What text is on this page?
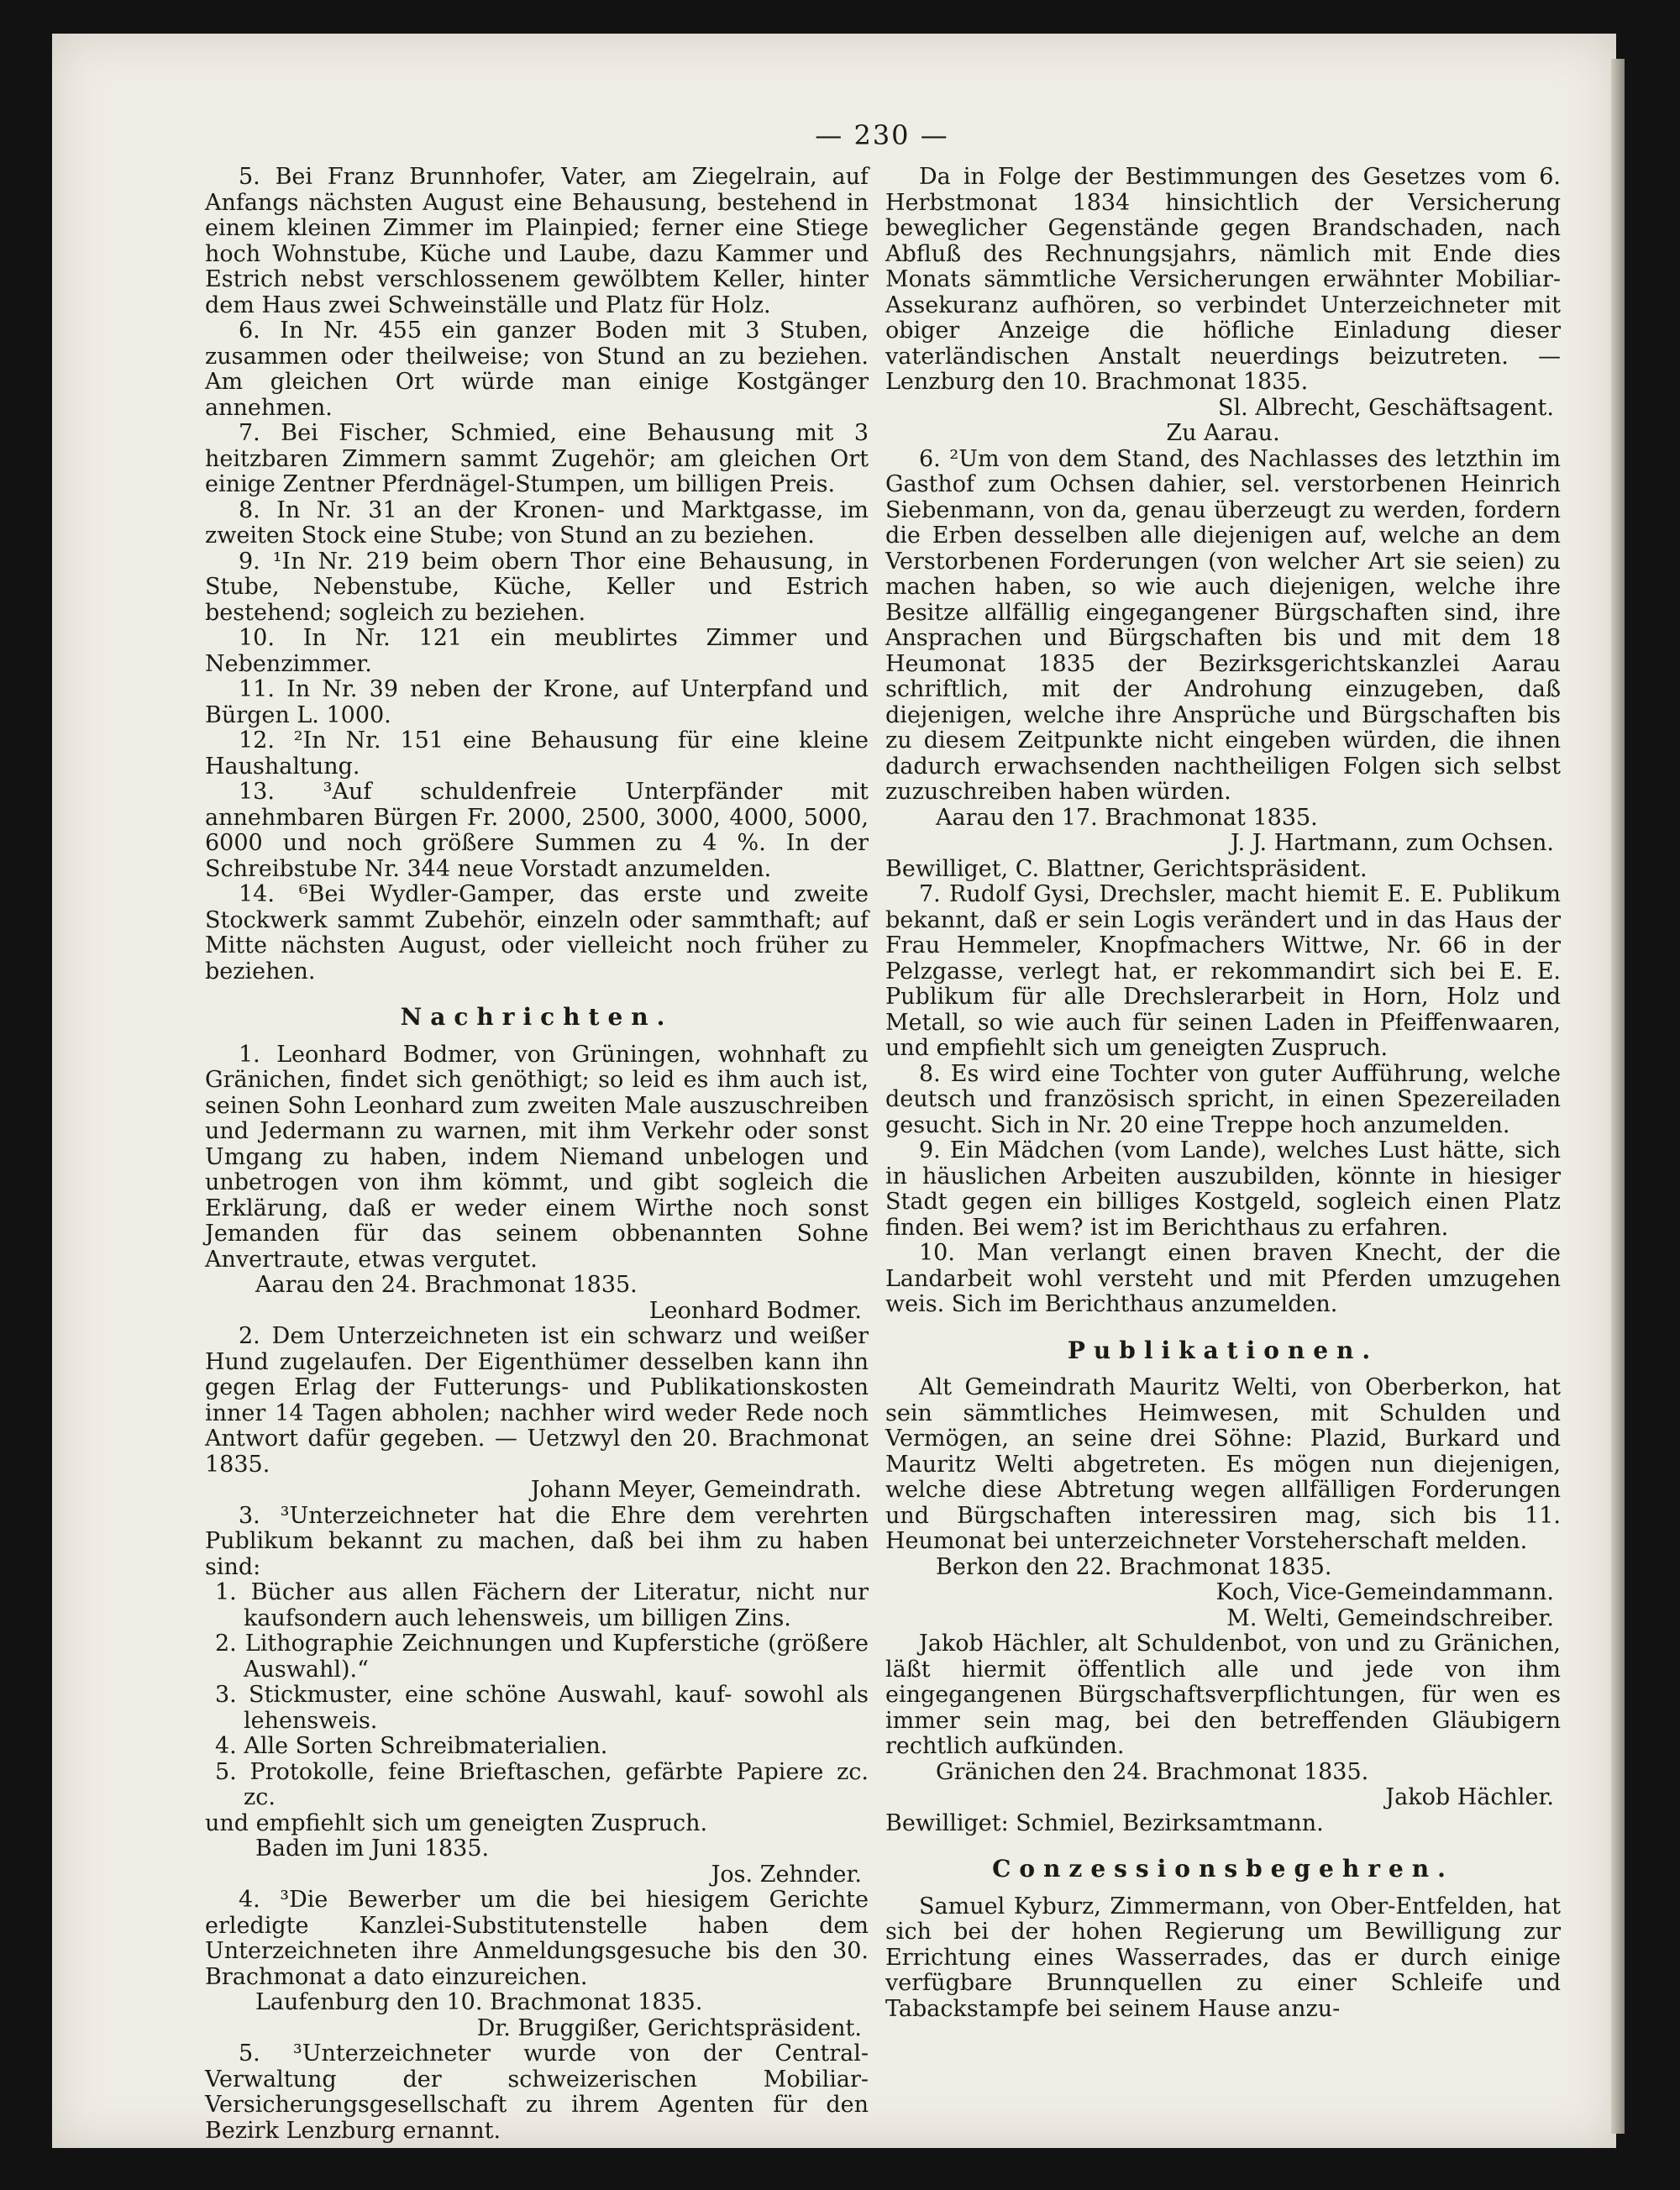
— 230 —

5. Bei Franz Brunnhofer, Vater, am Ziegelrain, auf Anfangs nächsten August eine Behausung, bestehend in einem kleinen Zimmer im Plainpied; ferner eine Stiege hoch Wohnstube, Küche und Laube, dazu Kammer und Estrich nebst verschlossenem gewölbtem Keller, hinter dem Haus zwei Schweinställe und Platz für Holz.

6. In Nr. 455 ein ganzer Boden mit 3 Stuben, zusammen oder theilweise; von Stund an zu beziehen. Am gleichen Ort würde man einige Kostgänger annehmen.

7. Bei Fischer, Schmied, eine Behausung mit 3 heitzbaren Zimmern sammt Zugehör; am gleichen Ort einige Zentner Pferdnägel-Stumpen, um billigen Preis.

8. In Nr. 31 an der Kronen- und Marktgasse, im zweiten Stock eine Stube; von Stund an zu beziehen.

9. ¹In Nr. 219 beim obern Thor eine Behausung, in Stube, Nebenstube, Küche, Keller und Estrich bestehend; sogleich zu beziehen.

10. In Nr. 121 ein meublirtes Zimmer und Nebenzimmer.

11. In Nr. 39 neben der Krone, auf Unterpfand und Bürgen L. 1000.

12. ²In Nr. 151 eine Behausung für eine kleine Haushaltung.

13. ³Auf schuldenfreie Unterpfänder mit annehmbaren Bürgen Fr. 2000, 2500, 3000, 4000, 5000, 6000 und noch größere Summen zu 4 %. In der Schreibstube Nr. 344 neue Vorstadt anzumelden.

14. ⁶Bei Wydler-Gamper, das erste und zweite Stockwerk sammt Zubehör, einzeln oder sammthaft; auf Mitte nächsten August, oder vielleicht noch früher zu beziehen.

Nachrichten.

1. Leonhard Bodmer, von Grüningen, wohnhaft zu Gränichen, findet sich genöthigt; so leid es ihm auch ist, seinen Sohn Leonhard zum zweiten Male auszuschreiben und Jedermann zu warnen, mit ihm Verkehr oder sonst Umgang zu haben, indem Niemand unbelogen und unbetrogen von ihm kömmt, und gibt sogleich die Erklärung, daß er weder einem Wirthe noch sonst Jemanden für das seinem obbenannten Sohne Anvertraute, etwas vergutet.

Aarau den 24. Brachmonat 1835.

Leonhard Bodmer.

2. Dem Unterzeichneten ist ein schwarz und weißer Hund zugelaufen. Der Eigenthümer desselben kann ihn gegen Erlag der Futterungs- und Publikationskosten inner 14 Tagen abholen; nachher wird weder Rede noch Antwort dafür gegeben. — Uetzwyl den 20. Brachmonat 1835.

Johann Meyer, Gemeindrath.

3. ³Unterzeichneter hat die Ehre dem verehrten Publikum bekannt zu machen, daß bei ihm zu haben sind:

1. Bücher aus allen Fächern der Literatur, nicht nur kaufsondern auch lehensweis, um billigen Zins.

2. Lithographie Zeichnungen und Kupferstiche (größere Auswahl).“

3. Stickmuster, eine schöne Auswahl, kauf- sowohl als lehensweis.

4. Alle Sorten Schreibmaterialien.

5. Protokolle, feine Brieftaschen, gefärbte Papiere zc. zc.

und empfiehlt sich um geneigten Zuspruch.

Baden im Juni 1835.

Jos. Zehnder.

4. ³Die Bewerber um die bei hiesigem Gerichte erledigte Kanzlei-Substitutenstelle haben dem Unterzeichneten ihre Anmeldungsgesuche bis den 30. Brachmonat a dato einzureichen.

Laufenburg den 10. Brachmonat 1835.

Dr. Bruggißer, Gerichtspräsident.

5. ³Unterzeichneter wurde von der Central-Verwaltung der schweizerischen Mobiliar-Versicherungsgesellschaft zu ihrem Agenten für den Bezirk Lenzburg ernannt.

Da in Folge der Bestimmungen des Gesetzes vom 6. Herbstmonat 1834 hinsichtlich der Versicherung beweglicher Gegenstände gegen Brandschaden, nach Abfluß des Rechnungsjahrs, nämlich mit Ende dies Monats sämmtliche Versicherungen erwähnter Mobiliar-Assekuranz aufhören, so verbindet Unterzeichneter mit obiger Anzeige die höfliche Einladung dieser vaterländischen Anstalt neuerdings beizutreten. — Lenzburg den 10. Brachmonat 1835.

Sl. Albrecht, Geschäftsagent.

Zu Aarau.

6. ²Um von dem Stand, des Nachlasses des letzthin im Gasthof zum Ochsen dahier, sel. verstorbenen Heinrich Siebenmann, von da, genau überzeugt zu werden, fordern die Erben desselben alle diejenigen auf, welche an dem Verstorbenen Forderungen (von welcher Art sie seien) zu machen haben, so wie auch diejenigen, welche ihre Besitze allfällig eingegangener Bürgschaften sind, ihre Ansprachen und Bürgschaften bis und mit dem 18 Heumonat 1835 der Bezirksgerichtskanzlei Aarau schriftlich, mit der Androhung einzugeben, daß diejenigen, welche ihre Ansprüche und Bürgschaften bis zu diesem Zeitpunkte nicht eingeben würden, die ihnen dadurch erwachsenden nachtheiligen Folgen sich selbst zuzuschreiben haben würden.

Aarau den 17. Brachmonat 1835.

J. J. Hartmann, zum Ochsen.

Bewilliget, C. Blattner, Gerichtspräsident.

7. Rudolf Gysi, Drechsler, macht hiemit E. E. Publikum bekannt, daß er sein Logis verändert und in das Haus der Frau Hemmeler, Knopfmachers Wittwe, Nr. 66 in der Pelzgasse, verlegt hat, er rekommandirt sich bei E. E. Publikum für alle Drechslerarbeit in Horn, Holz und Metall, so wie auch für seinen Laden in Pfeiffenwaaren, und empfiehlt sich um geneigten Zuspruch.

8. Es wird eine Tochter von guter Aufführung, welche deutsch und französisch spricht, in einen Spezereiladen gesucht. Sich in Nr. 20 eine Treppe hoch anzumelden.

9. Ein Mädchen (vom Lande), welches Lust hätte, sich in häuslichen Arbeiten auszubilden, könnte in hiesiger Stadt gegen ein billiges Kostgeld, sogleich einen Platz finden. Bei wem? ist im Berichthaus zu erfahren.

10. Man verlangt einen braven Knecht, der die Landarbeit wohl versteht und mit Pferden umzugehen weis. Sich im Berichthaus anzumelden.

Publikationen.

Alt Gemeindrath Mauritz Welti, von Oberberkon, hat sein sämmtliches Heimwesen, mit Schulden und Vermögen, an seine drei Söhne: Plazid, Burkard und Mauritz Welti abgetreten. Es mögen nun diejenigen, welche diese Abtretung wegen allfälligen Forderungen und Bürgschaften interessiren mag, sich bis 11. Heumonat bei unterzeichneter Vorsteherschaft melden.

Berkon den 22. Brachmonat 1835.

Koch, Vice-Gemeindammann.

M. Welti, Gemeindschreiber.

Jakob Hächler, alt Schuldenbot, von und zu Gränichen, läßt hiermit öffentlich alle und jede von ihm eingegangenen Bürgschaftsverpflichtungen, für wen es immer sein mag, bei den betreffenden Gläubigern rechtlich aufkünden.

Gränichen den 24. Brachmonat 1835.

Jakob Hächler.

Bewilliget: Schmiel, Bezirksamtmann.

Conzessionsbegehren.

Samuel Kyburz, Zimmermann, von Ober-Entfelden, hat sich bei der hohen Regierung um Bewilligung zur Errichtung eines Wasserrades, das er durch einige verfügbare Brunnquellen zu einer Schleife und Tabackstampfe bei seinem Hause anzu-
